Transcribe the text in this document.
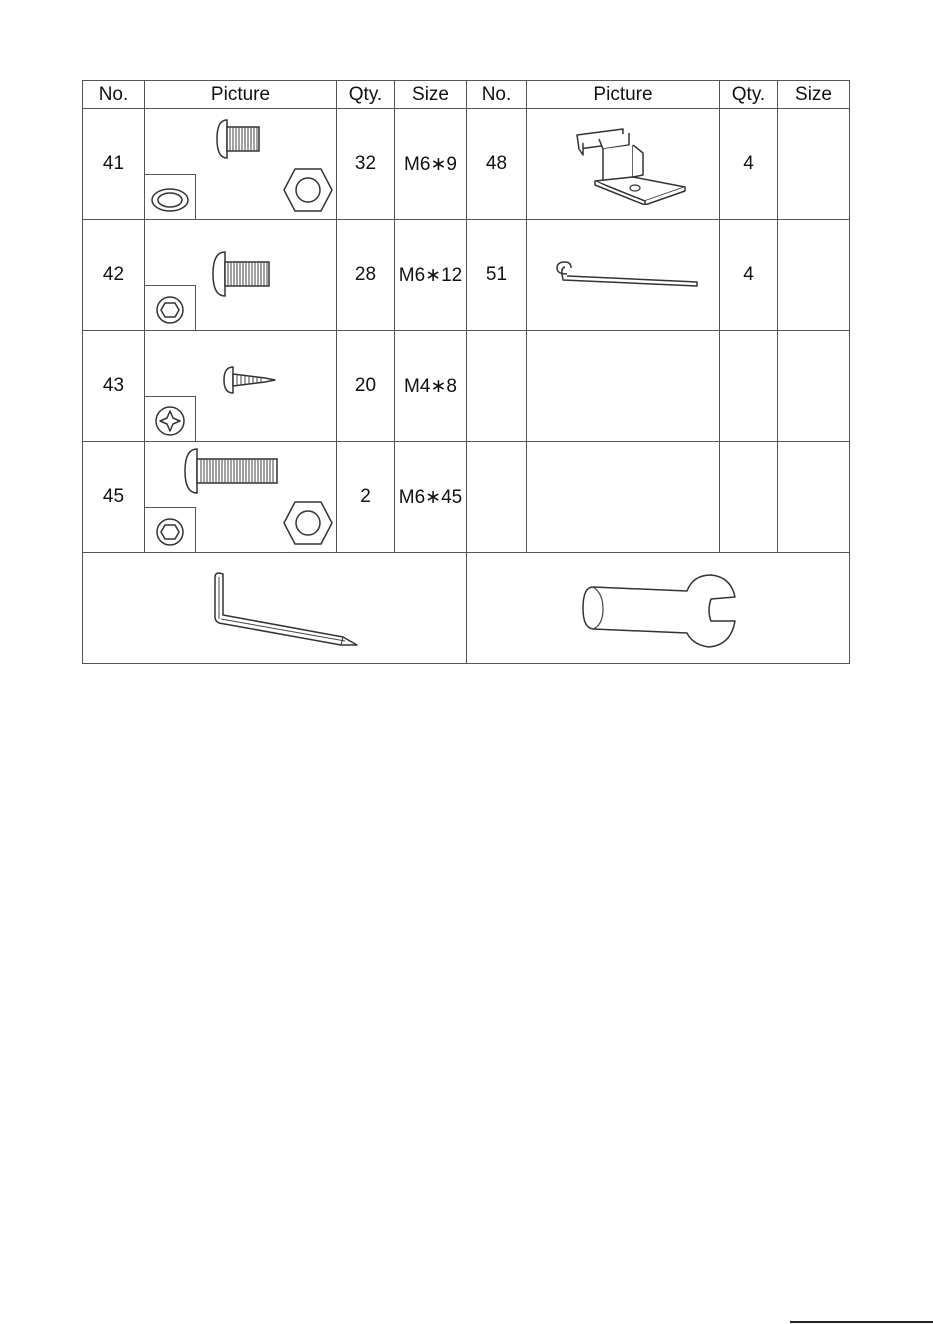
No.	Picture	Qty.	Size	No.	Picture	Qty.	Size
41		32	M6∗9	48		4	
42		28	M6∗12	51		4	
43		20	M4∗8				
45		2	M6∗45				
